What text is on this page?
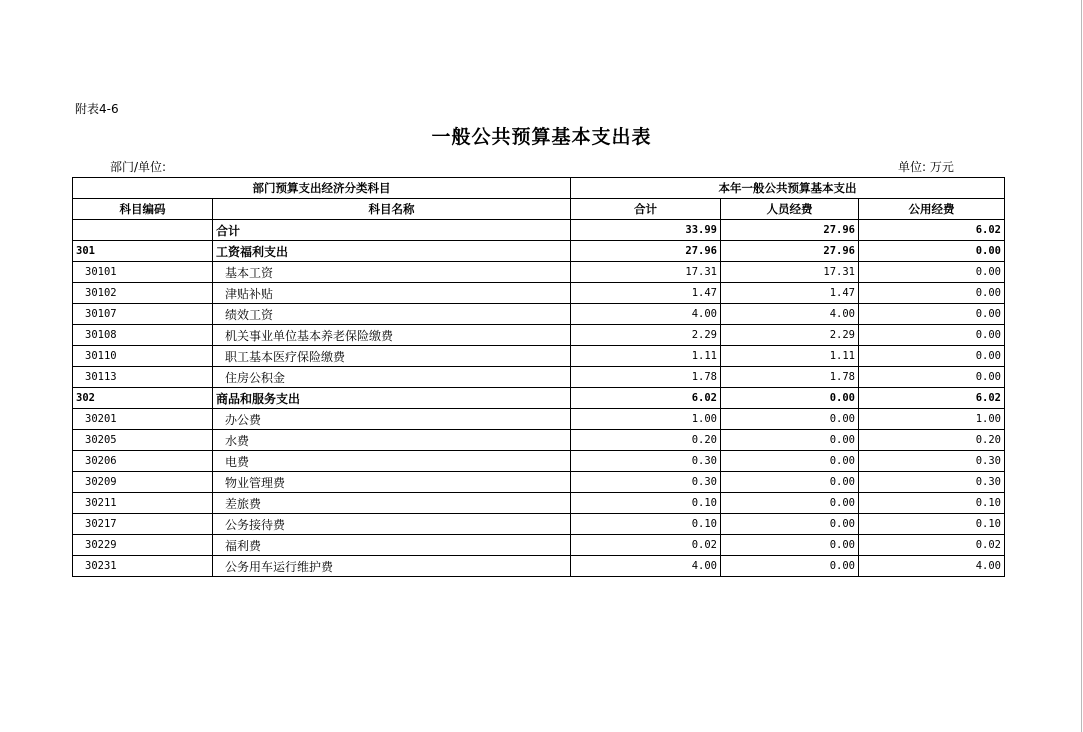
附表4-6
一般公共预算基本支出表
部门/单位:	单位: 万元
部门预算支出经济分类科目		本年一般公共预算基本支出		
科目编码	科目名称	合计	人员经费	公用经费
	合计	33.99	27.96	6.02
301	工资福利支出	27.96	27.96	0.00
30101	基本工资	17.31	17.31	0.00
30102	津贴补贴	1.47	1.47	0.00
30107	绩效工资	4.00	4.00	0.00
30108	机关事业单位基本养老保险缴费	2.29	2.29	0.00
30110	职工基本医疗保险缴费	1.11	1.11	0.00
30113	住房公积金	1.78	1.78	0.00
302	商品和服务支出	6.02	0.00	6.02
30201	办公费	1.00	0.00	1.00
30205	水费	0.20	0.00	0.20
30206	电费	0.30	0.00	0.30
30209	物业管理费	0.30	0.00	0.30
30211	差旅费	0.10	0.00	0.10
30217	公务接待费	0.10	0.00	0.10
30229	福利费	0.02	0.00	0.02
30231	公务用车运行维护费	4.00	0.00	4.00
